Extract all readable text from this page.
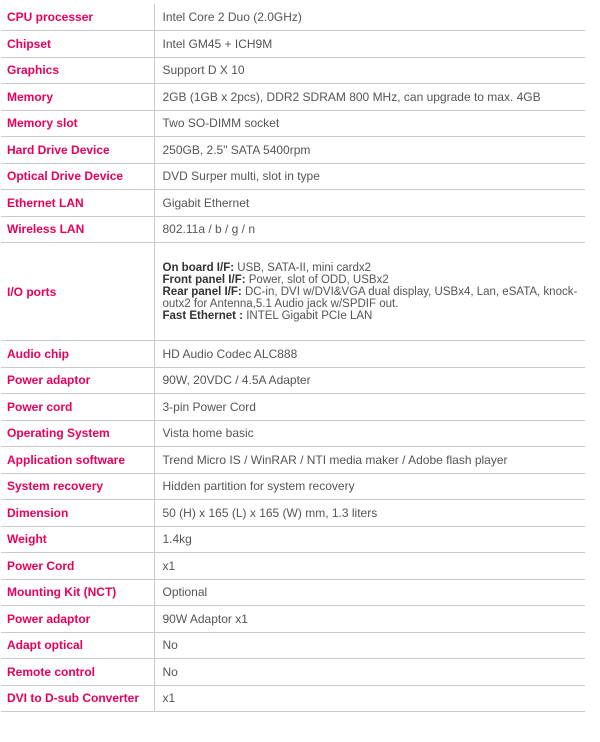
CPU processer	Intel Core 2 Duo (2.0GHz)
Chipset	Intel GM45 + ICH9M
Graphics	Support D X 10
Memory	2GB (1GB x 2pcs), DDR2 SDRAM 800 MHz, can upgrade to max. 4GB
Memory slot	Two SO-DIMM socket
Hard Drive Device	250GB, 2.5" SATA 5400rpm
Optical Drive Device	DVD Surper multi, slot in type
Ethernet LAN	Gigabit Ethernet
Wireless LAN	802.11a / b / g / n
I/O ports	On board I/F: USB, SATA-II, mini cardx2
Front panel I/F: Power, slot of ODD, USBx2
Rear panel I/F: DC-in, DVI w/DVI&VGA dual display, USBx4, Lan, eSATA, knock-outx2 for Antenna,5.1 Audio jack w/SPDIF out.
Fast Ethernet : INTEL Gigabit PCIe LAN

Audio chip	HD Audio Codec ALC888
Power adaptor	90W, 20VDC / 4.5A Adapter
Power cord	3-pin Power Cord
Operating System	Vista home basic
Application software	Trend Micro IS / WinRAR / NTI media maker / Adobe flash player
System recovery	Hidden partition for system recovery
Dimension	50 (H) x 165 (L) x 165 (W) mm, 1.3 liters
Weight	1.4kg
Power Cord	x1
Mounting Kit (NCT)	Optional
Power adaptor	90W Adaptor x1
Adapt optical	No
Remote control	No
DVI to D-sub Converter	x1
